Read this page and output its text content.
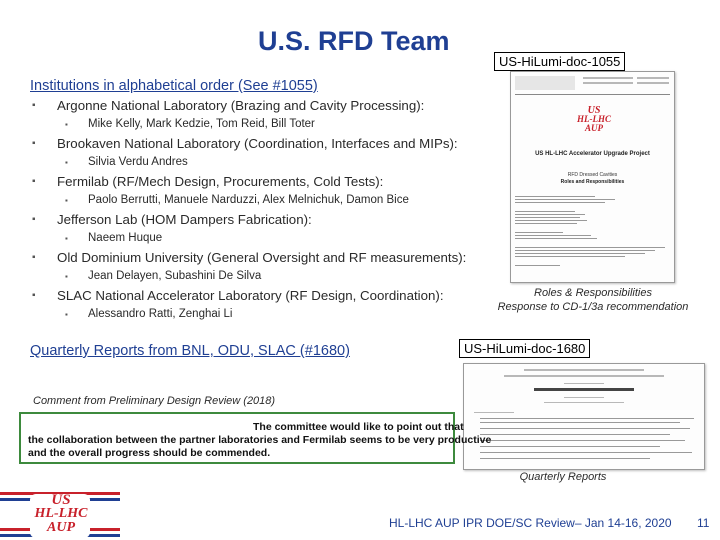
U.S. RFD Team
US-HiLumi-doc-1055
Institutions in alphabetical order (See #1055)
▪ Argonne National Laboratory (Brazing and Cavity Processing):
▪ Mike Kelly, Mark Kedzie, Tom Reid, Bill Toter
▪ Brookaven National Laboratory (Coordination, Interfaces and MIPs):
▪ Silvia Verdu Andres
▪ Fermilab (RF/Mech Design, Procurements, Cold Tests):
▪ Paolo Berrutti, Manuele Narduzzi, Alex Melnichuk, Damon Bice
▪ Jefferson Lab (HOM Dampers Fabrication):
▪ Naeem Huque
▪ Old Dominium University (General Oversight and RF measurements):
▪ Jean Delayen, Subashini De Silva
▪ SLAC National Accelerator Laboratory (RF Design, Coordination):
▪ Alessandro Ratti, Zenghai Li
US
HL-LHC
AUP
US HL-LHC Accelerator Upgrade Project
RFD Dressed Cavities
Roles and Responsibilities
Roles & Responsibilities
Response to CD-1/3a recommendation
Quarterly Reports from BNL, ODU, SLAC (#1680)	US-HiLumi-doc-1680
Quarterly Reports
Comment from Preliminary Design Review (2018)
The committee would like to point out that
the collaboration between the partner laboratories and Fermilab seems to be very productive
and the overall progress should be commended.
US
HL-LHC
AUP	HL-LHC AUP IPR DOE/SC Review– Jan 14-16, 2020 11
